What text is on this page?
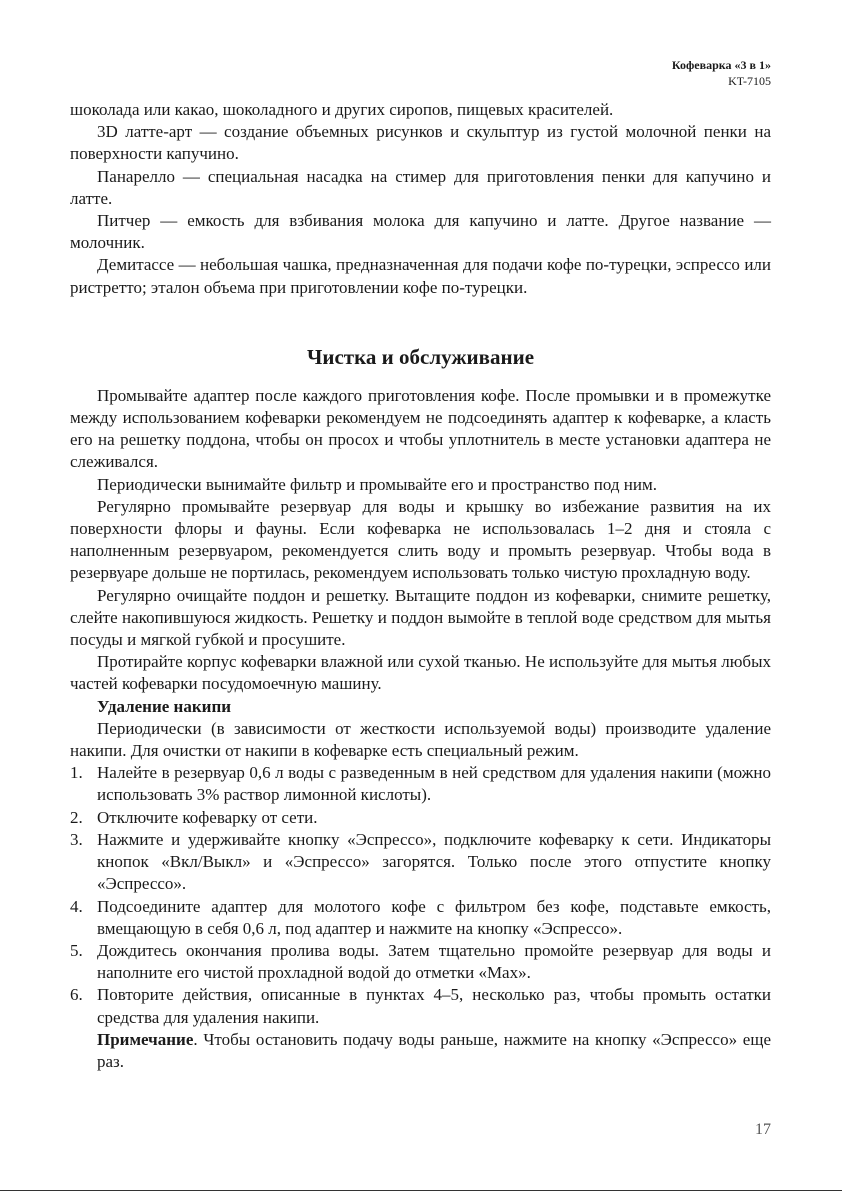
Кофеварка «3 в 1»
KT-7105

шоколада или какао, шоколадного и других сиропов, пищевых красителей.

3D латте-арт — создание объемных рисунков и скульптур из густой молочной пенки на поверхности капучино.

Панарелло — специальная насадка на стимер для приготовления пенки для капучино и латте.

Питчер — емкость для взбивания молока для капучино и латте. Другое название — молочник.

Демитассе — небольшая чашка, предназначенная для подачи кофе по-турецки, эспрессо или ристретто; эталон объема при приготовлении кофе по-турецки.

Чистка и обслуживание

Промывайте адаптер после каждого приготовления кофе. После промывки и в промежутке между использованием кофеварки рекомендуем не подсоединять адаптер к кофеварке, а класть его на решетку поддона, чтобы он просох и чтобы уплотнитель в месте установки адаптера не слеживался.

Периодически вынимайте фильтр и промывайте его и пространство под ним.

Регулярно промывайте резервуар для воды и крышку во избежание развития на их поверхности флоры и фауны. Если кофеварка не использовалась 1–2 дня и стояла с наполненным резервуаром, рекомендуется слить воду и промыть резервуар. Чтобы вода в резервуаре дольше не портилась, рекомендуем использовать только чистую прохладную воду.

Регулярно очищайте поддон и решетку. Вытащите поддон из кофеварки, снимите решетку, слейте накопившуюся жидкость. Решетку и поддон вымойте в теплой воде средством для мытья посуды и мягкой губкой и просушите.

Протирайте корпус кофеварки влажной или сухой тканью. Не используйте для мытья любых частей кофеварки посудомоечную машину.

Удаление накипи

Периодически (в зависимости от жесткости используемой воды) производите удаление накипи. Для очистки от накипи в кофеварке есть специальный режим.

1. Налейте в резервуар 0,6 л воды с разведенным в ней средством для удаления накипи (можно использовать 3% раствор лимонной кислоты).
2. Отключите кофеварку от сети.
3. Нажмите и удерживайте кнопку «Эспрессо», подключите кофеварку к сети. Индикаторы кнопок «Вкл/Выкл» и «Эспрессо» загорятся. Только после этого отпустите кнопку «Эспрессо».
4. Подсоедините адаптер для молотого кофе с фильтром без кофе, подставьте емкость, вмещающую в себя 0,6 л, под адаптер и нажмите на кнопку «Эспрессо».
5. Дождитесь окончания пролива воды. Затем тщательно промойте резервуар для воды и наполните его чистой прохладной водой до отметки «Max».
6. Повторите действия, описанные в пунктах 4–5, несколько раз, чтобы промыть остатки средства для удаления накипи.

Примечание. Чтобы остановить подачу воды раньше, нажмите на кнопку «Эспрессо» еще раз.

17
